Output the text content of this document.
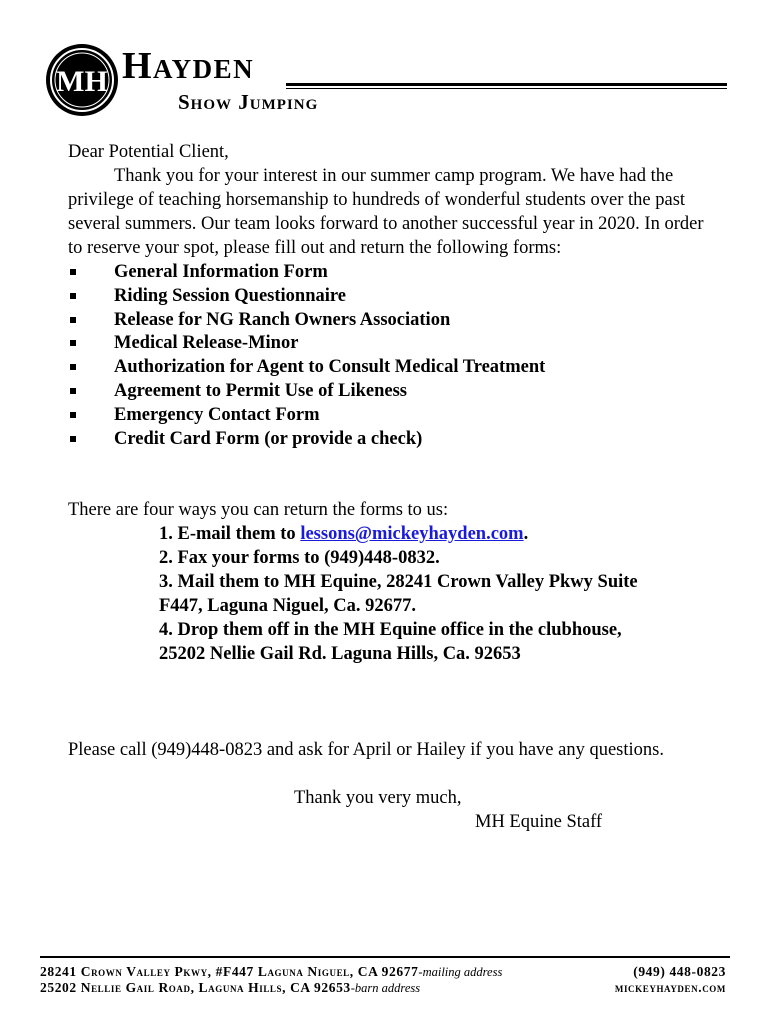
MH Hayden
Show Jumping

Dear Potential Client,

Thank you for your interest in our summer camp program. We have had the privilege of teaching horsemanship to hundreds of wonderful students over the past several summers. Our team looks forward to another successful year in 2020. In order to reserve your spot, please fill out and return the following forms:

General Information Form
Riding Session Questionnaire
Release for NG Ranch Owners Association
Medical Release-Minor
Authorization for Agent to Consult Medical Treatment
Agreement to Permit Use of Likeness
Emergency Contact Form
Credit Card Form (or provide a check)

There are four ways you can return the forms to us:

1. E-mail them to lessons@mickeyhayden.com.
2. Fax your forms to (949)448-0832.
3. Mail them to MH Equine, 28241 Crown Valley Pkwy Suite
F447, Laguna Niguel, Ca. 92677.
4. Drop them off in the MH Equine office in the clubhouse,
25202 Nellie Gail Rd. Laguna Hills, Ca. 92653

Please call (949)448-0823 and ask for April or Hailey if you have any questions.

Thank you very much,

MH Equine Staff

28241 Crown Valley Pkwy, #F447 Laguna Niguel, CA 92677-mailing address
25202 Nellie Gail Road, Laguna Hills, CA 92653-barn address
(949) 448-0823
mickeyhayden.com
